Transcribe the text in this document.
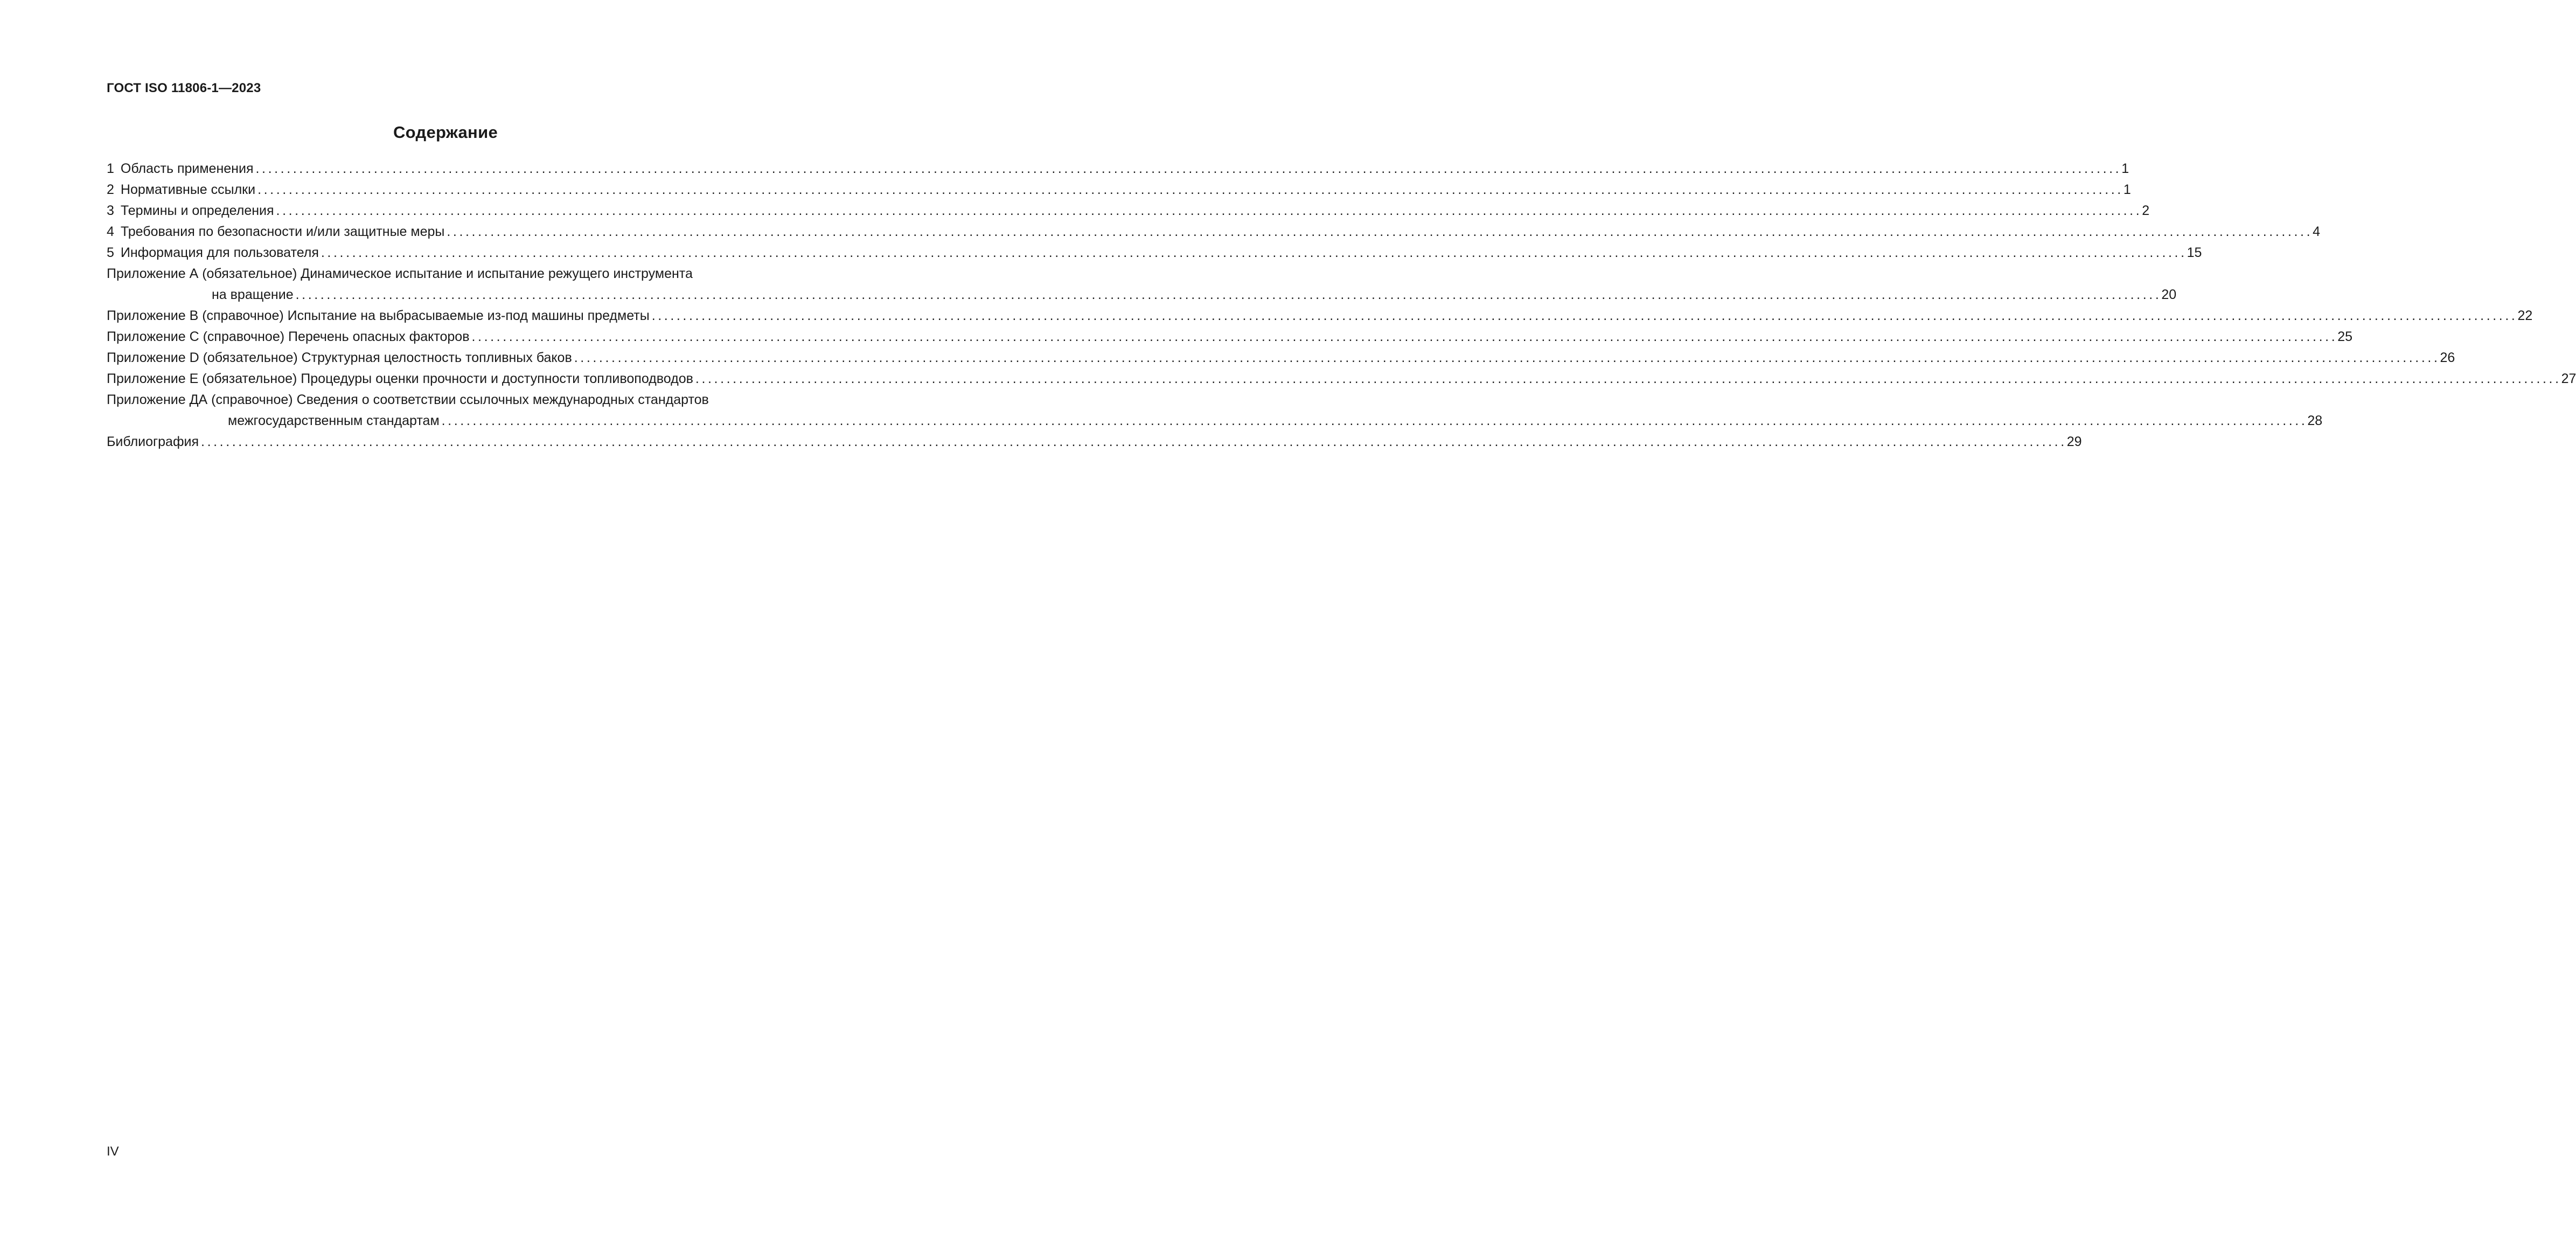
ГОСТ ISO 11806-1—2023
Содержание
1 Область применения ............................................................................................................................................................................................................................................................................................................ 1
2 Нормативные ссылки ............................................................................................................................................................................................................................................................................................................ 1
3 Термины и определения ............................................................................................................................................................................................................................................................................................................ 2
4 Требования по безопасности и/или защитные меры ............................................................................................................................................................................................................................................................................................................ 4
5 Информация для пользователя ............................................................................................................................................................................................................................................................................................................ 15
Приложение А (обязательное) Динамическое испытание и испытание режущего инструмента
на вращение ............................................................................................................................................................................................................................................................................................................ 20
Приложение В (справочное) Испытание на выбрасываемые из-под машины предметы ............................................................................................................................................................................................................................................................................................................ 22
Приложение С (справочное) Перечень опасных факторов ............................................................................................................................................................................................................................................................................................................ 25
Приложение D (обязательное) Структурная целостность топливных баков ............................................................................................................................................................................................................................................................................................................ 26
Приложение Е (обязательное) Процедуры оценки прочности и доступности топливоподводов ............................................................................................................................................................................................................................................................................................................ 27
Приложение ДА (справочное) Сведения о соответствии ссылочных международных стандартов
межгосударственным стандартам ............................................................................................................................................................................................................................................................................................................ 28
Библиография ............................................................................................................................................................................................................................................................................................................ 29
IV
